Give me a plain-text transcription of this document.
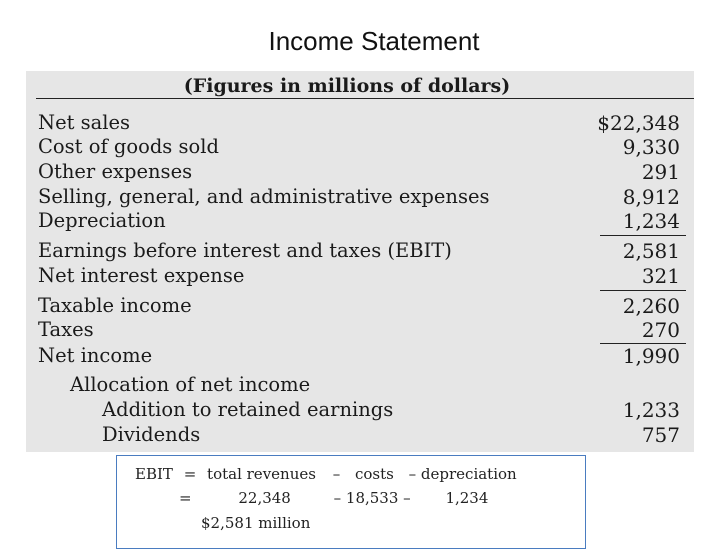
Income Statement
(Figures in millions of dollars)
Net sales	$22,348
Cost of goods sold	9,330
Other expenses	291
Selling, general, and administrative expenses	8,912
Depreciation	1,234
Earnings before interest and taxes (EBIT)	2,581
Net interest expense	321
Taxable income	2,260
Taxes	270
Net income	1,990
Allocation of net income
Addition to retained earnings	1,233
Dividends	757
EBIT = total revenues – costs – depreciation
=	22,348	– 18,533 – 1,234
$2,581 million
